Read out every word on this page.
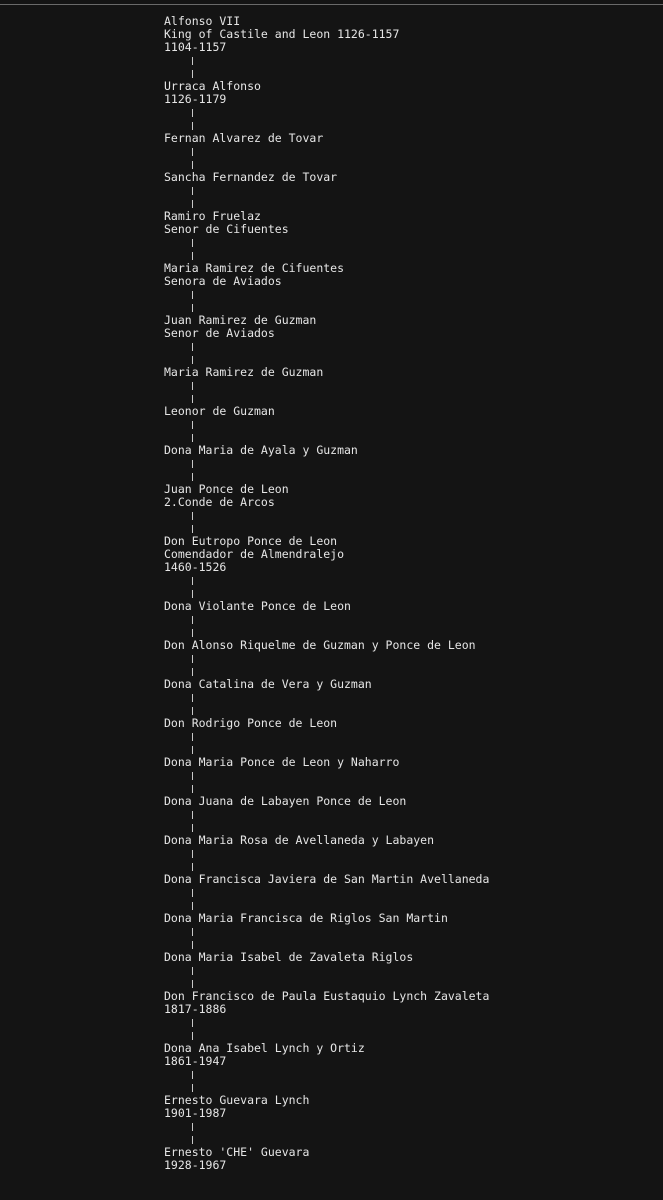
Alfonso VII
King of Castile and Leon 1126-1157
1104-1157
Urraca Alfonso
1126-1179
Fernan Alvarez de Tovar
Sancha Fernandez de Tovar
Ramiro Fruelaz
Senor de Cifuentes
Maria Ramirez de Cifuentes
Senora de Aviados
Juan Ramirez de Guzman
Senor de Aviados
Maria Ramirez de Guzman
Leonor de Guzman
Dona Maria de Ayala y Guzman
Juan Ponce de Leon
2.Conde de Arcos
Don Eutropo Ponce de Leon
Comendador de Almendralejo
1460-1526
Dona Violante Ponce de Leon
Don Alonso Riquelme de Guzman y Ponce de Leon
Dona Catalina de Vera y Guzman
Don Rodrigo Ponce de Leon
Dona Maria Ponce de Leon y Naharro
Dona Juana de Labayen Ponce de Leon
Dona Maria Rosa de Avellaneda y Labayen
Dona Francisca Javiera de San Martin Avellaneda
Dona Maria Francisca de Riglos San Martin
Dona Maria Isabel de Zavaleta Riglos
Don Francisco de Paula Eustaquio Lynch Zavaleta
1817-1886
Dona Ana Isabel Lynch y Ortiz
1861-1947
Ernesto Guevara Lynch
1901-1987
Ernesto 'CHE' Guevara
1928-1967
